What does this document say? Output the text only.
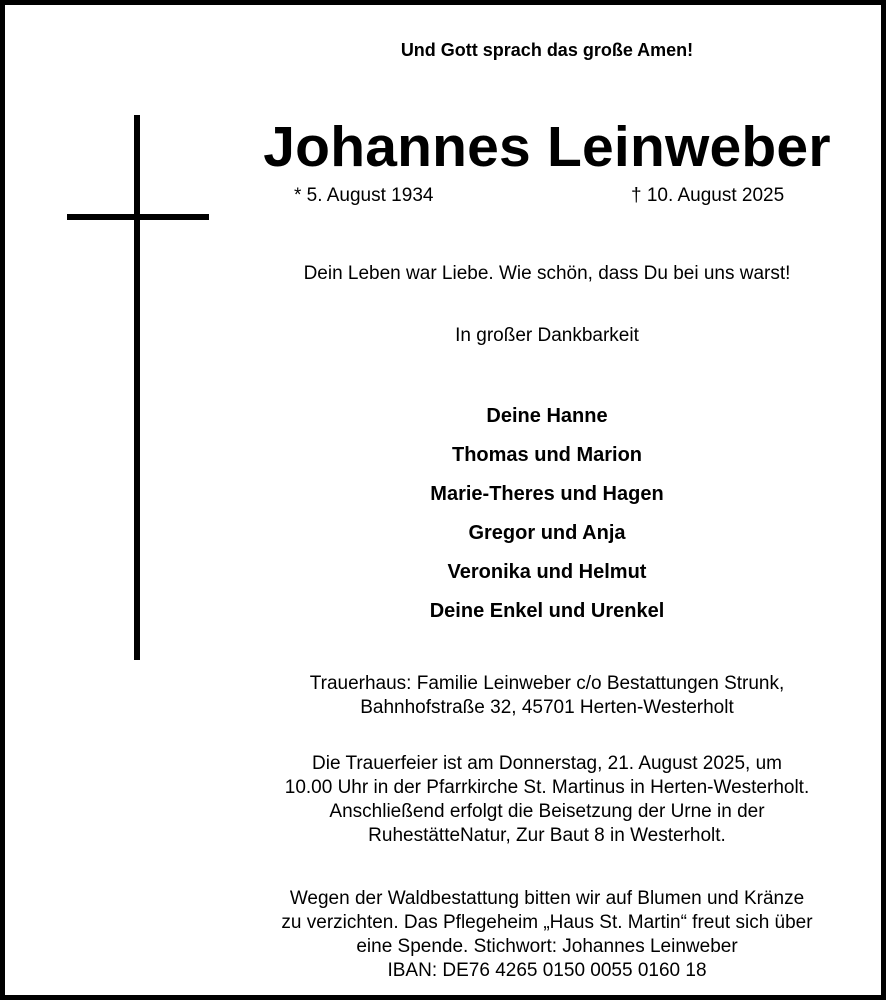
Und Gott sprach das große Amen!
Johannes Leinweber
* 5. August 1934	† 10. August 2025
Dein Leben war Liebe. Wie schön, dass Du bei uns warst!
In großer Dankbarkeit
Deine Hanne
Thomas und Marion
Marie-Theres und Hagen
Gregor und Anja
Veronika und Helmut
Deine Enkel und Urenkel
Trauerhaus: Familie Leinweber c/o Bestattungen Strunk,
Bahnhofstraße 32, 45701 Herten-Westerholt
Die Trauerfeier ist am Donnerstag, 21. August 2025, um
10.00 Uhr in der Pfarrkirche St. Martinus in Herten-Westerholt.
Anschließend erfolgt die Beisetzung der Urne in der
RuhestätteNatur, Zur Baut 8 in Westerholt.
Wegen der Waldbestattung bitten wir auf Blumen und Kränze
zu verzichten. Das Pflegeheim „Haus St. Martin“ freut sich über
eine Spende. Stichwort: Johannes Leinweber
IBAN: DE76 4265 0150 0055 0160 18
